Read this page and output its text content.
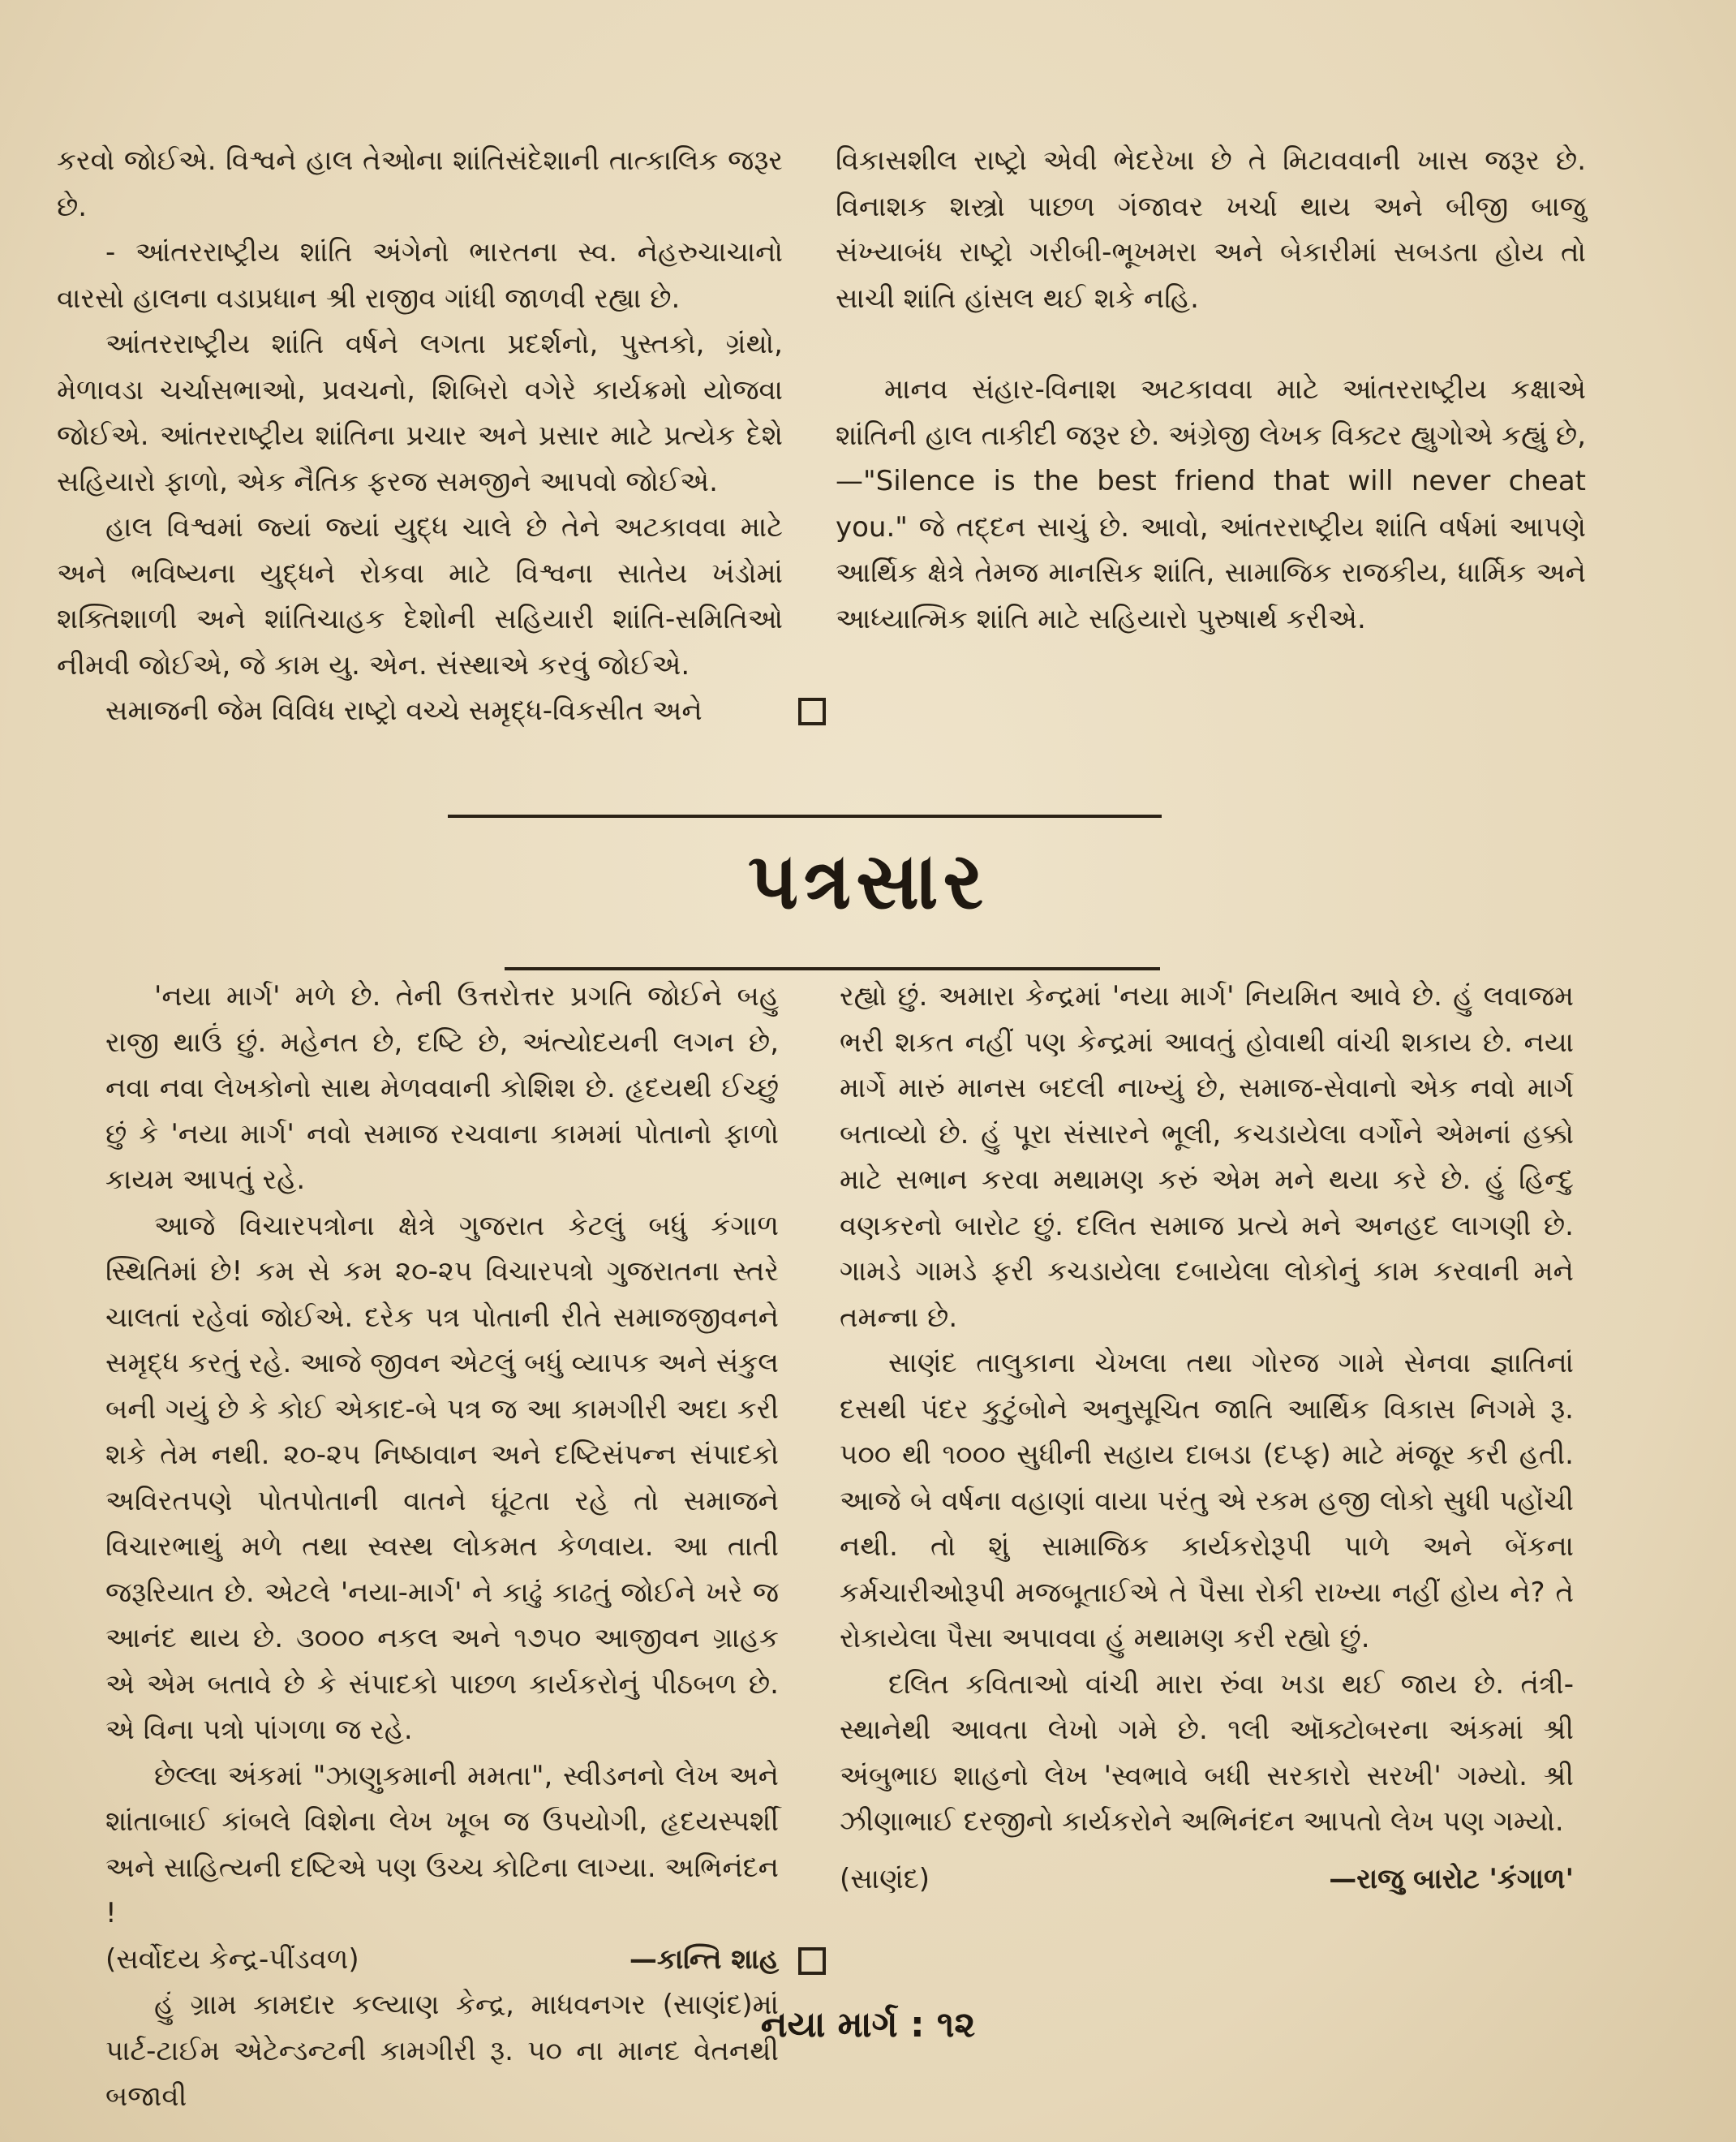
કરવો જોઈએ. વિશ્વને હાલ તેઓના શાંતિસંદેશાની તાત્કાલિક જરૂર છે.

- આંતરરાષ્ટ્રીય શાંતિ અંગેનો ભારતના સ્વ. નેહરુચાચાનો વારસો હાલના વડાપ્રધાન શ્રી રાજીવ ગાંધી જાળવી રહ્યા છે.

આંતરરાષ્ટ્રીય શાંતિ વર્ષને લગતા પ્રદર્શનો, પુસ્તકો, ગ્રંથો, મેળાવડા ચર્ચાસભાઓ, પ્રવચનો, શિબિરો વગેરે કાર્યક્રમો યોજવા જોઈએ. આંતરરાષ્ટ્રીય શાંતિના પ્રચાર અને પ્રસાર માટે પ્રત્યેક દેશે સહિયારો ફાળો, એક નૈતિક ફરજ સમજીને આપવો જોઈએ.

હાલ વિશ્વમાં જ્યાં જ્યાં યુદ્ધ ચાલે છે તેને અટકાવવા માટે અને ભવિષ્યના યુદ્ધને રોકવા માટે વિશ્વના સાતેય ખંડોમાં શક્તિશાળી અને શાંતિચાહક દેશોની સહિયારી શાંતિ-સમિતિઓ નીમવી જોઈએ, જે કામ યુ. એન. સંસ્થાએ કરવું જોઈએ.

સમાજની જેમ વિવિધ રાષ્ટ્રો વચ્ચે સમૃદ્ધ-વિકસીત અને

વિકાસશીલ રાષ્ટ્રો એવી ભેદરેખા છે તે મિટાવવાની ખાસ જરૂર છે. વિનાશક શસ્ત્રો પાછળ ગંજાવર ખર્ચા થાય અને બીજી બાજુ સંખ્યાબંધ રાષ્ટ્રો ગરીબી-ભૂખમરા અને બેકારીમાં સબડતા હોય તો સાચી શાંતિ હાંસલ થઈ શકે નહિ.

માનવ સંહાર-વિનાશ અટકાવવા માટે આંતરરાષ્ટ્રીય કક્ષાએ શાંતિની હાલ તાકીદી જરૂર છે. અંગ્રેજી લેખક વિક્ટર હ્યુગોએ કહ્યું છે,—"Silence is the best friend that will never cheat you." જે તદ્દન સાચું છે. આવો, આંતરરાષ્ટ્રીય શાંતિ વર્ષમાં આપણે આર્થિક ક્ષેત્રે તેમજ માનસિક શાંતિ, સામાજિક રાજકીય, ધાર્મિક અને આધ્યાત્મિક શાંતિ માટે સહિયારો પુરુષાર્થ કરીએ.

પત્રસાર

'નયા માર્ગ' મળે છે. તેની ઉત્તરોત્તર પ્રગતિ જોઈને બહુ રાજી થાઉં છું. મહેનત છે, દષ્ટિ છે, અંત્યોદયની લગન છે, નવા નવા લેખકોનો સાથ મેળવવાની કોશિશ છે. હૃદયથી ઈચ્છું છું કે 'નયા માર્ગ' નવો સમાજ રચવાના કામમાં પોતાનો ફાળો કાયમ આપતું રહે.

આજે વિચારપત્રોના ક્ષેત્રે ગુજરાત કેટલું બધું કંગાળ સ્થિતિમાં છે! કમ સે કમ ૨૦-૨૫ વિચારપત્રો ગુજરાતના સ્તરે ચાલતાં રહેવાં જોઈએ. દરેક પત્ર પોતાની રીતે સમાજજીવનને સમૃદ્ધ કરતું રહે. આજે જીવન એટલું બધું વ્યાપક અને સંકુલ બની ગયું છે કે કોઈ એકાદ-બે પત્ર જ આ કામગીરી અદા કરી શકે તેમ નથી. ૨૦-૨૫ નિષ્ઠાવાન અને દષ્ટિસંપન્ન સંપાદકો અવિરતપણે પોતપોતાની વાતને ઘૂંટતા રહે તો સમાજને વિચારભાથું મળે તથા સ્વસ્થ લોકમત કેળવાય. આ તાતી જરૂરિયાત છે. એટલે 'નયા-માર્ગ' ને કાઢું કાઢતું જોઈને ખરે જ આનંદ થાય છે. ૩૦૦૦ નકલ અને ૧૭૫૦ આજીવન ગ્રાહક એ એમ બતાવે છે કે સંપાદકો પાછળ કાર્યકરોનું પીઠબળ છે. એ વિના પત્રો પાંગળા જ રહે.

છેલ્લા અંકમાં "ઝાણુકમાની મમતા", સ્વીડનનો લેખ અને શાંતાબાઈ કાંબલે વિશેના લેખ ખૂબ જ ઉપયોગી, હૃદયસ્પર્શી અને સાહિત્યની દષ્ટિએ પણ ઉચ્ચ કોટિના લાગ્યા. અભિનંદન !

(સર્વોદય કેન્દ્ર-પીંડવળ)	—કાન્તિ શાહ

હું ગ્રામ કામદાર કલ્યાણ કેન્દ્ર, માધવનગર (સાણંદ)માં પાર્ટ-ટાઈમ એટેન્ડન્ટની કામગીરી રૂ. ૫૦ ના માનદ વેતનથી બજાવી

રહ્યો છું. અમારા કેન્દ્રમાં 'નયા માર્ગ' નિયમિત આવે છે. હું લવાજમ ભરી શકત નહીં પણ કેન્દ્રમાં આવતું હોવાથી વાંચી શકાય છે. નયા માર્ગે મારું માનસ બદલી નાખ્યું છે, સમાજ-સેવાનો એક નવો માર્ગ બતાવ્યો છે. હું પૂરા સંસારને ભૂલી, કચડાયેલા વર્ગોને એમનાં હક્કો માટે સભાન કરવા મથામણ કરું એમ મને થયા કરે છે. હું હિન્દુ વણકરનો બારોટ છું. દલિત સમાજ પ્રત્યે મને અનહદ લાગણી છે. ગામડે ગામડે ફરી કચડાયેલા દબાયેલા લોકોનું કામ કરવાની મને તમન્ના છે.

સાણંદ તાલુકાના ચેખલા તથા ગોરજ ગામે સેનવા જ્ઞાતિનાં દસથી પંદર કુટુંબોને અનુસૂચિત જાતિ આર્થિક વિકાસ નિગમે રૂ. ૫૦૦ થી ૧૦૦૦ સુધીની સહાય દાબડા (દપ્ફ) માટે મંજૂર કરી હતી. આજે બે વર્ષના વહાણાં વાયા પરંતુ એ રકમ હજી લોકો સુધી પહોંચી નથી. તો શું સામાજિક કાર્યકરોરૂપી પાળે અને બેંકના કર્મચારીઓરૂપી મજબૂતાઈએ તે પૈસા રોકી રાખ્યા નહીં હોય ને? તે રોકાયેલા પૈસા અપાવવા હું મથામણ કરી રહ્યો છું.

દલિત કવિતાઓ વાંચી મારા રુંવા ખડા થઈ જાય છે. તંત્રી-સ્થાનેથી આવતા લેખો ગમે છે. ૧લી ઑક્ટોબરના અંકમાં શ્રી અંબુભાઇ શાહનો લેખ 'સ્વભાવે બધી સરકારો સરખી' ગમ્યો. શ્રી ઝીણાભાઈ દરજીનો કાર્યકરોને અભિનંદન આપતો લેખ પણ ગમ્યો.

(સાણંદ)	—રાજુ બારોટ 'કંગાળ'
નયા માર્ગ : ૧૨
